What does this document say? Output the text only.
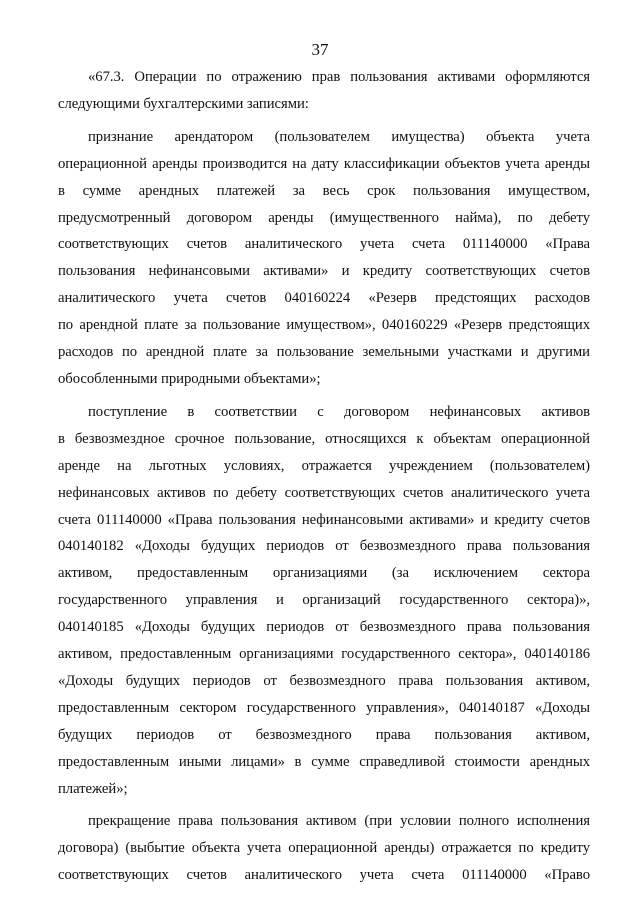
37
«67.3. Операции по отражению прав пользования активами оформляются
следующими бухгалтерскими записями:
признание арендатором (пользователем имущества) объекта учета
операционной аренды производится на дату классификации объектов учета аренды
в сумме арендных платежей за весь срок пользования имуществом,
предусмотренный договором аренды (имущественного найма), по дебету
соответствующих счетов аналитического учета счета 011140000 «Права
пользования нефинансовыми активами» и кредиту соответствующих счетов
аналитического учета счетов 040160224 «Резерв предстоящих расходов
по арендной плате за пользование имуществом», 040160229 «Резерв предстоящих
расходов по арендной плате за пользование земельными участками и другими
обособленными природными объектами»;
поступление в соответствии с договором нефинансовых активов
в безвозмездное срочное пользование, относящихся к объектам операционной
аренде на льготных условиях, отражается учреждением (пользователем)
нефинансовых активов по дебету соответствующих счетов аналитического учета
счета 011140000 «Права пользования нефинансовыми активами» и кредиту счетов
040140182 «Доходы будущих периодов от безвозмездного права пользования
активом, предоставленным организациями (за исключением сектора
государственного управления и организаций государственного сектора)»,
040140185 «Доходы будущих периодов от безвозмездного права пользования
активом, предоставленным организациями государственного сектора», 040140186
«Доходы будущих периодов от безвозмездного права пользования активом,
предоставленным сектором государственного управления», 040140187 «Доходы
будущих периодов от безвозмездного права пользования активом,
предоставленным иными лицами» в сумме справедливой стоимости арендных
платежей»;
прекращение права пользования активом (при условии полного исполнения
договора) (выбытие объекта учета операционной аренды) отражается по кредиту
соответствующих счетов аналитического учета счета 011140000 «Право
